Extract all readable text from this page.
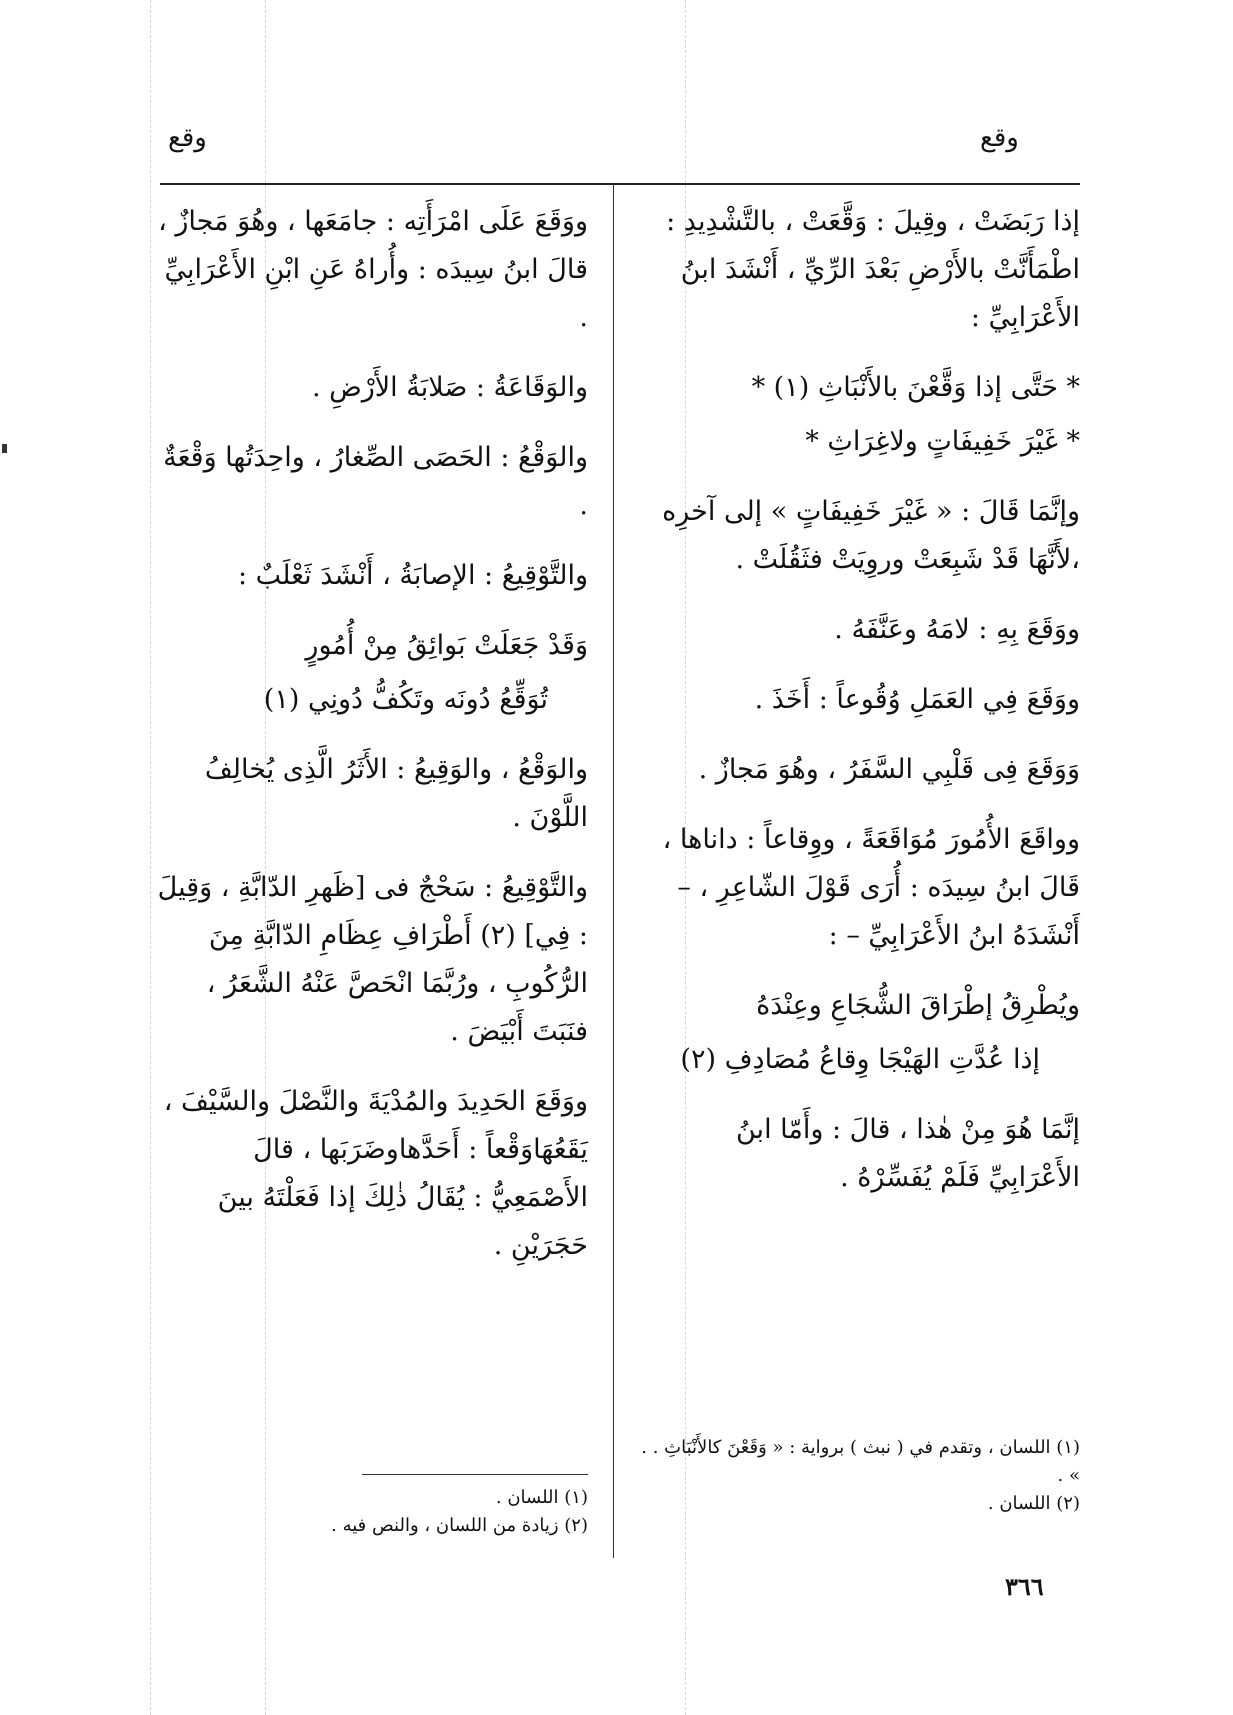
وقع
وقع

إذا رَبَضَتْ ، وقِيلَ : وَقَّعَتْ ، بالتَّشْدِيدِ : اطْمَأَنَّتْ بالأَرْضِ بَعْدَ الرِّيِّ ، أَنْشَدَ ابنُ الأَعْرَابِيِّ :

* حَتَّى إذا وَقَّعْنَ بالأَنْبَاثِ (١) *
* غَيْرَ خَفِيفَاتٍ ولاغِرَاثِ *

وإنَّمَا قَالَ : « غَيْرَ خَفِيفَاتٍ » إلى آخرِه ،لأَنَّهَا قَدْ شَبِعَتْ وروِيَتْ فثَقُلَتْ .

ووَقَعَ بِهِ : لامَهُ وعَنَّفَهُ .

ووَقَعَ فِي العَمَلِ وُقُوعاً : أَخَذَ .

وَوَقَعَ فِى قَلْبِي السَّفَرُ ، وهُوَ مَجازٌ .

وواقَعَ الأُمُورَ مُوَاقَعَةً ، ووِقاعاً : داناها ، قَالَ ابنُ سِيدَه : أُرَى قَوْلَ الشّاعِرِ ، – أَنْشَدَهُ ابنُ الأَعْرَابِيِّ – :

ويُطْرِقُ إطْرَاقَ الشُّجَاعِ وعِنْدَهُ
إذا عُدَّتِ الهَيْجَا وِقاعُ مُصَادِفِ (٢)

إنَّمَا هُوَ مِنْ هٰذا ، قالَ : وأَمّا ابنُ الأَعْرَابِيِّ فَلَمْ يُفَسِّرْهُ .

(١) اللسان ، وتقدم في ( نبث ) برواية : « وَقَعْنَ كالأَنْبَاثِ . . » .
(٢) اللسان .

ووَقَعَ عَلَى امْرَأَتِه : جامَعَها ، وهُوَ مَجازٌ ، قالَ ابنُ سِيدَه : وأُراهُ عَنِ ابْنِ الأَعْرَابِيِّ .

والوَقَاعَةُ : صَلابَةُ الأَرْضِ .

والوَقْعُ : الحَصَى الصِّغارُ ، واحِدَتُها وَقْعَةٌ .

والتَّوْقِيعُ : الإصابَةُ ، أَنْشَدَ ثَعْلَبٌ :

وَقَدْ جَعَلَتْ بَوائِقُ مِنْ أُمُورٍ
تُوَقِّعُ دُونَه وتَكُفُّ دُونِي (١)

والوَقْعُ ، والوَقِيعُ : الأَثَرُ الَّذِى يُخالِفُ اللَّوْنَ .

والتَّوْقِيعُ : سَحْجٌ فى [ظَهرِ الدّابَّةِ ، وَقِيلَ : فِي] (٢) أَطْرَافِ عِظَامِ الدّابَّةِ مِنَ الرُّكُوبِ ، ورُبَّمَا انْحَصَّ عَنْهُ الشَّعَرُ ، فنَبَتَ أَبْيَضَ .

ووَقَعَ الحَدِيدَ والمُدْيَةَ والنَّصْلَ والسَّيْفَ ، يَقَعُهَاوَقْعاً : أَحَدَّهاوضَرَبَها ، قالَ الأَصْمَعِيُّ : يُقَالُ ذٰلِكَ إذا فَعَلْتَهُ بينَ حَجَرَيْنِ .

(١) اللسان .
(٢) زيادة من اللسان ، والنص فيه .
٣٦٦
